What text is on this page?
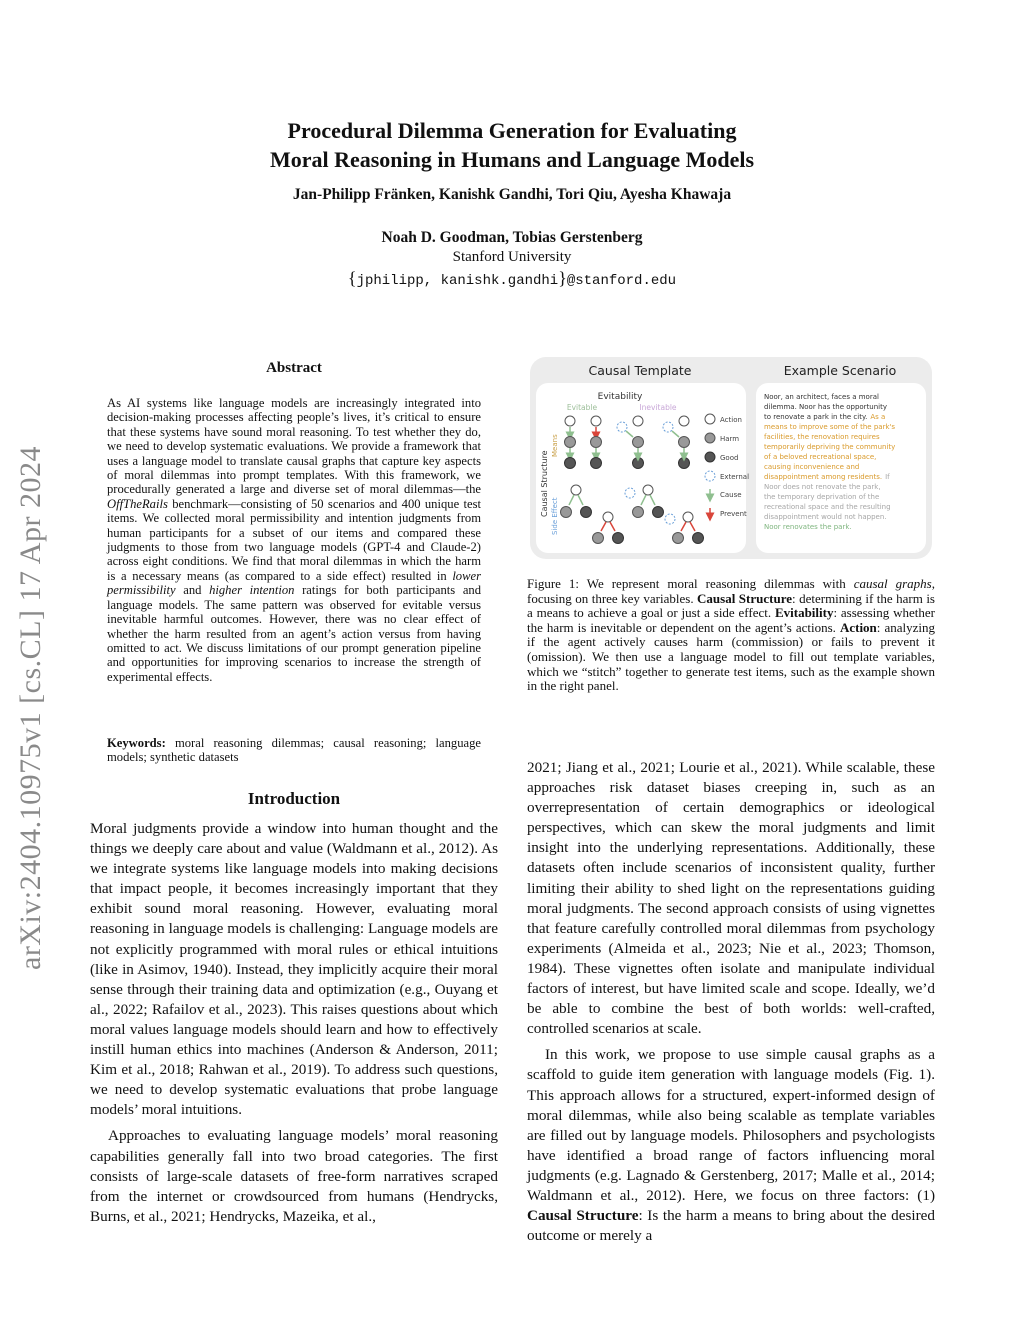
Procedural Dilemma Generation for Evaluating
Moral Reasoning in Humans and Language Models
Jan-Philipp Fränken, Kanishk Gandhi, Tori Qiu, Ayesha Khawaja
Noah D. Goodman, Tobias Gerstenberg
Stanford University
{jphilipp, kanishk.gandhi}@stanford.edu
arXiv:2404.10975v1 [cs.CL] 17 Apr 2024
Abstract
As AI systems like language models are increasingly integrated into decision-making processes affecting people’s lives, it’s critical to ensure that these systems have sound moral reasoning. To test whether they do, we need to develop systematic evaluations. We provide a framework that uses a language model to translate causal graphs that capture key aspects of moral dilemmas into prompt templates. With this framework, we procedurally generated a large and diverse set of moral dilemmas—the OffTheRails benchmark—consisting of 50 scenarios and 400 unique test items. We collected moral permissibility and intention judgments from human participants for a subset of our items and compared these judgments to those from two language models (GPT-4 and Claude-2) across eight conditions. We find that moral dilemmas in which the harm is a necessary means (as compared to a side effect) resulted in lower permissibility and higher intention ratings for both participants and language models. The same pattern was observed for evitable versus inevitable harmful outcomes. However, there was no clear effect of whether the harm resulted from an agent’s action versus from having omitted to act. We discuss limitations of our prompt generation pipeline and opportunities for improving scenarios to increase the strength of experimental effects.
Keywords: moral reasoning dilemmas; causal reasoning; language models; synthetic datasets
Introduction

Moral judgments provide a window into human thought and the things we deeply care about and value (Waldmann et al., 2012). As we integrate systems like language models into making decisions that impact people, it becomes increasingly important that they exhibit sound moral reasoning. However, evaluating moral reasoning in language models is challenging: Language models are not explicitly programmed with moral rules or ethical intuitions (like in Asimov, 1940). Instead, they implicitly acquire their moral sense through their training data and optimization (e.g., Ouyang et al., 2022; Rafailov et al., 2023). This raises questions about which moral values language models should learn and how to effectively instill human ethics into machines (Anderson & Anderson, 2011; Kim et al., 2018; Rahwan et al., 2019). To address such questions, we need to develop systematic evaluations that probe language models’ moral intuitions.

Approaches to evaluating language models’ moral reasoning capabilities generally fall into two broad categories. The first consists of large-scale datasets of free-form narratives scraped from the internet or crowdsourced from humans (Hendrycks, Burns, et al., 2021; Hendrycks, Mazeika, et al.,

2021; Jiang et al., 2021; Lourie et al., 2021). While scalable, these approaches risk dataset biases creeping in, such as an overrepresentation of certain demographics or ideological perspectives, which can skew the moral judgments and limit insight into the underlying representations. Additionally, these datasets often include scenarios of inconsistent quality, further limiting their ability to shed light on the representations guiding moral judgments. The second approach consists of using vignettes that feature carefully controlled moral dilemmas from psychology experiments (Almeida et al., 2023; Nie et al., 2023; Thomson, 1984). These vignettes often isolate and manipulate individual factors of interest, but have limited scale and scope. Ideally, we’d be able to combine the best of both worlds: well-crafted, controlled scenarios at scale.

In this work, we propose to use simple causal graphs as a scaffold to guide item generation with language models (Fig. 1). This approach allows for a structured, expert-informed design of moral dilemmas, while also being scalable as template variables are filled out by language models. Philosophers and psychologists have identified a broad range of factors influencing moral judgments (e.g. Lagnado & Gerstenberg, 2017; Malle et al., 2014; Waldmann et al., 2012). Here, we focus on three factors: (1) Causal Structure: Is the harm a means to bring about the desired outcome or merely a

Causal Template	Example Scenario
Evitability
Evitable	Inevitable
Causal Structure
Means
Side Effect
Action
Harm
Good
External
Cause
Prevent
Noor, an architect, faces a moral
dilemma. Noor has the opportunity
to renovate a park in the city. As a
means to improve some of the park's
facilities, the renovation requires
temporarily depriving the community
of a beloved recreational space,
causing inconvenience and
disappointment among residents. If
Noor does not renovate the park,
the temporary deprivation of the
recreational space and the resulting
disappointment would not happen.
Noor renovates the park.
Figure 1: We represent moral reasoning dilemmas with causal graphs, focusing on three key variables. Causal Structure: determining if the harm is a means to achieve a goal or just a side effect. Evitability: assessing whether the harm is inevitable or dependent on the agent’s actions. Action: analyzing if the agent actively causes harm (commission) or fails to prevent it (omission). We then use a language model to fill out template variables, which we “stitch” together to generate test items, such as the example shown in the right panel.
